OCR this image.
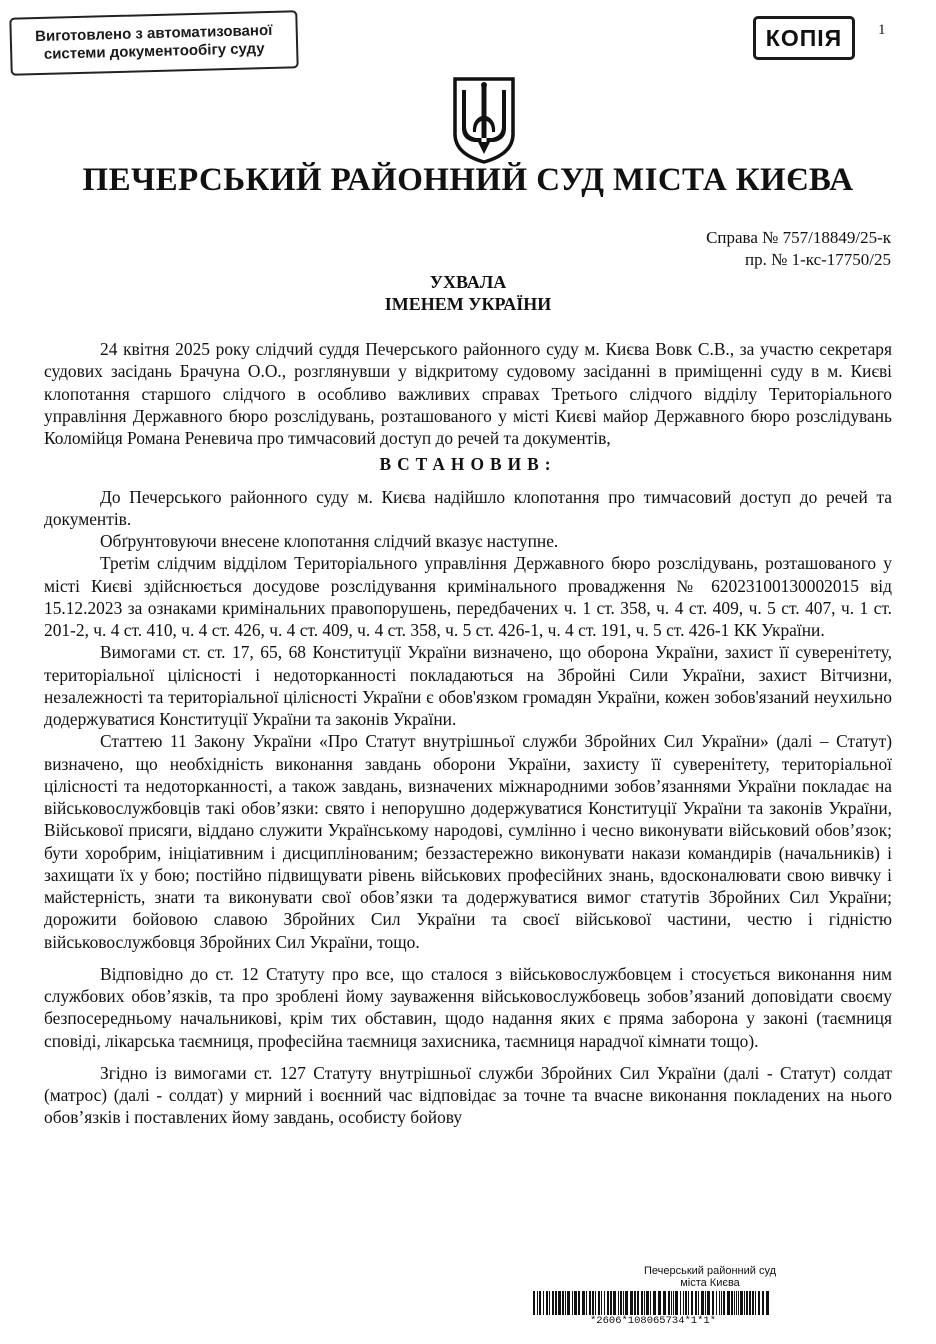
Виготовлено з автоматизованої
системи документообігу суду
КОПІЯ	1
ПЕЧЕРСЬКИЙ РАЙОННИЙ СУД МІСТА КИЄВА
Справа № 757/18849/25-к
пр. № 1-кс-17750/25
УХВАЛА
ІМЕНЕМ УКРАЇНИ

24 квітня 2025 року слідчий суддя Печерського районного суду м. Києва Вовк С.В., за участю секретаря судових засідань Брачуна О.О., розглянувши у відкритому судовому засіданні в приміщенні суду в м. Києві клопотання старшого слідчого в особливо важливих справах Третього слідчого відділу Територіального управління Державного бюро розслідувань, розташованого у місті Києві майор Державного бюро розслідувань Коломійця Романа Реневича про тимчасовий доступ до речей та документів,

ВСТАНОВИВ:

До Печерського районного суду м. Києва надійшло клопотання про тимчасовий доступ до речей та документів.

Обґрунтовуючи внесене клопотання слідчий вказує наступне.

Третім слідчим відділом Територіального управління Державного бюро розслідувань, розташованого у місті Києві здійснюється досудове розслідування кримінального провадження № 62023100130002015 від 15.12.2023 за ознаками кримінальних правопорушень, передбачених ч. 1 ст. 358, ч. 4 ст. 409, ч. 5 ст. 407, ч. 1 ст. 201-2, ч. 4 ст. 410, ч. 4 ст. 426, ч. 4 ст. 409, ч. 4 ст. 358, ч. 5 ст. 426-1, ч. 4 ст. 191, ч. 5 ст. 426-1 КК України.

Вимогами ст. ст. 17, 65, 68 Конституції України визначено, що оборона України, захист її суверенітету, територіальної цілісності і недоторканності покладаються на Збройні Сили України, захист Вітчизни, незалежності та територіальної цілісності України є обов'язком громадян України, кожен зобов'язаний неухильно додержуватися Конституції України та законів України.

Статтею 11 Закону України «Про Статут внутрішньої служби Збройних Сил України» (далі – Статут) визначено, що необхідність виконання завдань оборони України, захисту її суверенітету, територіальної цілісності та недоторканності, а також завдань, визначених міжнародними зобов’язаннями України покладає на військовослужбовців такі обов’язки: свято і непорушно додержуватися Конституції України та законів України, Військової присяги, віддано служити Українському народові, сумлінно і чесно виконувати військовий обов’язок; бути хоробрим, ініціативним і дисциплінованим; беззастережно виконувати накази командирів (начальників) і захищати їх у бою; постійно підвищувати рівень військових професійних знань, вдосконалювати свою вивчку і майстерність, знати та виконувати свої обов’язки та додержуватися вимог статутів Збройних Сил України; дорожити бойовою славою Збройних Сил України та своєї військової частини, честю і гідністю військовослужбовця Збройних Сил України, тощо.

Відповідно до ст. 12 Статуту про все, що сталося з військовослужбовцем і стосується виконання ним службових обов’язків, та про зроблені йому зауваження військовослужбовець зобов’язаний доповідати своєму безпосередньому начальникові, крім тих обставин, щодо надання яких є пряма заборона у законі (таємниця сповіді, лікарська таємниця, професійна таємниця захисника, таємниця нарадчої кімнати тощо).

Згідно із вимогами ст. 127 Статуту внутрішньої служби Збройних Сил України (далі - Статут) солдат (матрос) (далі - солдат) у мирний і воєнний час відповідає за точне та вчасне виконання покладених на нього обов’язків і поставлених йому завдань, особисту бойову

Печерський районний суд
міста Києва
*2606*108065734*1*1*
